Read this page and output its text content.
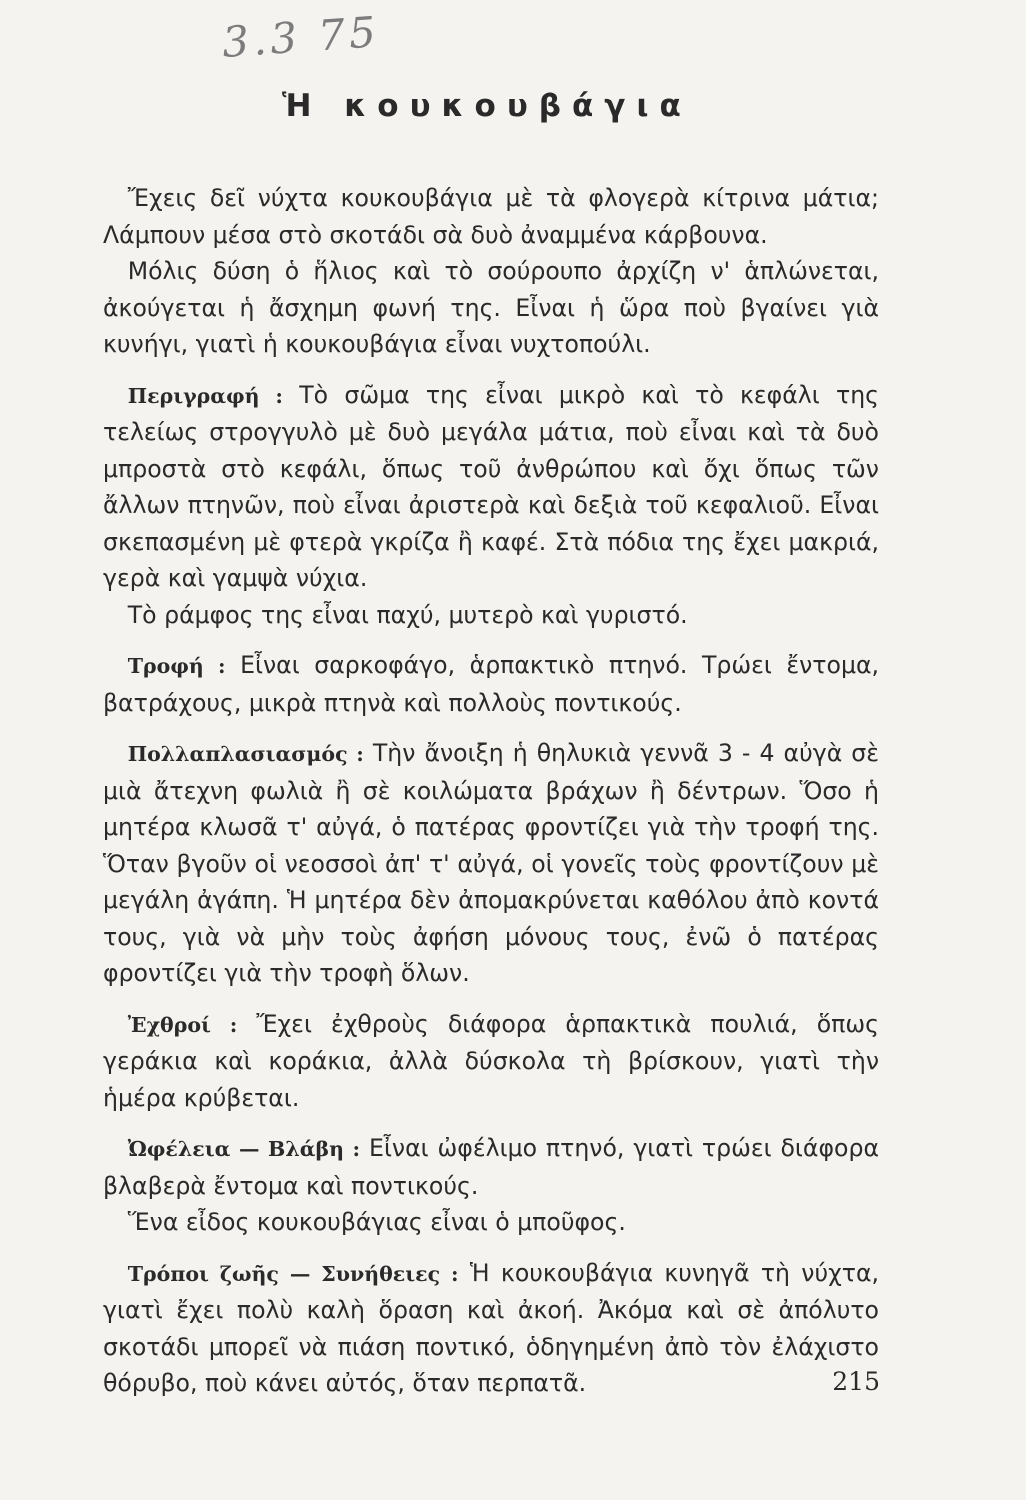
3.3 75
Ἡ κουκουβάγια

Ἔχεις δεῖ νύχτα κουκουβάγια μὲ τὰ φλογερὰ κίτρινα μάτια; Λάμπουν μέσα στὸ σκοτάδι σὰ δυὸ ἀναμμένα κάρβουνα.

Μόλις δύση ὁ ἥλιος καὶ τὸ σούρουπο ἀρχίζη ν' ἁπλώνεται, ἀκούγεται ἡ ἄσχημη φωνή της. Εἶναι ἡ ὥρα ποὺ βγαίνει γιὰ κυνήγι, γιατὶ ἡ κουκουβάγια εἶναι νυχτοπούλι.

Περιγραφή : Τὸ σῶμα της εἶναι μικρὸ καὶ τὸ κεφάλι της τελείως στρογγυλὸ μὲ δυὸ μεγάλα μάτια, ποὺ εἶναι καὶ τὰ δυὸ μπροστὰ στὸ κεφάλι, ὅπως τοῦ ἀνθρώπου καὶ ὄχι ὅπως τῶν ἄλλων πτηνῶν, ποὺ εἶναι ἀριστερὰ καὶ δεξιὰ τοῦ κεφαλιοῦ. Εἶναι σκεπασμένη μὲ φτερὰ γκρίζα ἢ καφέ. Στὰ πόδια της ἔχει μακριά, γερὰ καὶ γαμψὰ νύχια.

Τὸ ράμφος της εἶναι παχύ, μυτερὸ καὶ γυριστό.

Τροφή : Εἶναι σαρκοφάγο, ἁρπακτικὸ πτηνό. Τρώει ἔντομα, βατράχους, μικρὰ πτηνὰ καὶ πολλοὺς ποντικούς.

Πολλαπλασιασμός : Τὴν ἄνοιξη ἡ θηλυκιὰ γεννᾶ 3 - 4 αὐγὰ σὲ μιὰ ἄτεχνη φωλιὰ ἢ σὲ κοιλώματα βράχων ἢ δέντρων. Ὅσο ἡ μητέρα κλωσᾶ τ' αὐγά, ὁ πατέρας φροντίζει γιὰ τὴν τροφή της. Ὅταν βγοῦν οἱ νεοσσοὶ ἀπ' τ' αὐγά, οἱ γονεῖς τοὺς φροντίζουν μὲ μεγάλη ἀγάπη. Ἡ μητέρα δὲν ἀπομακρύνεται καθόλου ἀπὸ κοντά τους, γιὰ νὰ μὴν τοὺς ἀφήση μόνους τους, ἐνῶ ὁ πατέρας φροντίζει γιὰ τὴν τροφὴ ὅλων.

Ἐχθροί : Ἔχει ἐχθροὺς διάφορα ἁρπακτικὰ πουλιά, ὅπως γεράκια καὶ κοράκια, ἀλλὰ δύσκολα τὴ βρίσκουν, γιατὶ τὴν ἡμέρα κρύβεται.

Ὠφέλεια — Βλάβη : Εἶναι ὠφέλιμο πτηνό, γιατὶ τρώει διάφορα βλαβερὰ ἔντομα καὶ ποντικούς.

Ἕνα εἶδος κουκουβάγιας εἶναι ὁ μποῦφος.

Τρόποι ζωῆς — Συνήθειες : Ἡ κουκουβάγια κυνηγᾶ τὴ νύχτα, γιατὶ ἔχει πολὺ καλὴ ὅραση καὶ ἀκοή. Ἀκόμα καὶ σὲ ἀπόλυτο σκοτάδι μπορεῖ νὰ πιάση ποντικό, ὁδηγημένη ἀπὸ τὸν ἐλάχιστο θόρυβο, ποὺ κάνει αὐτός, ὅταν περπατᾶ.	215
